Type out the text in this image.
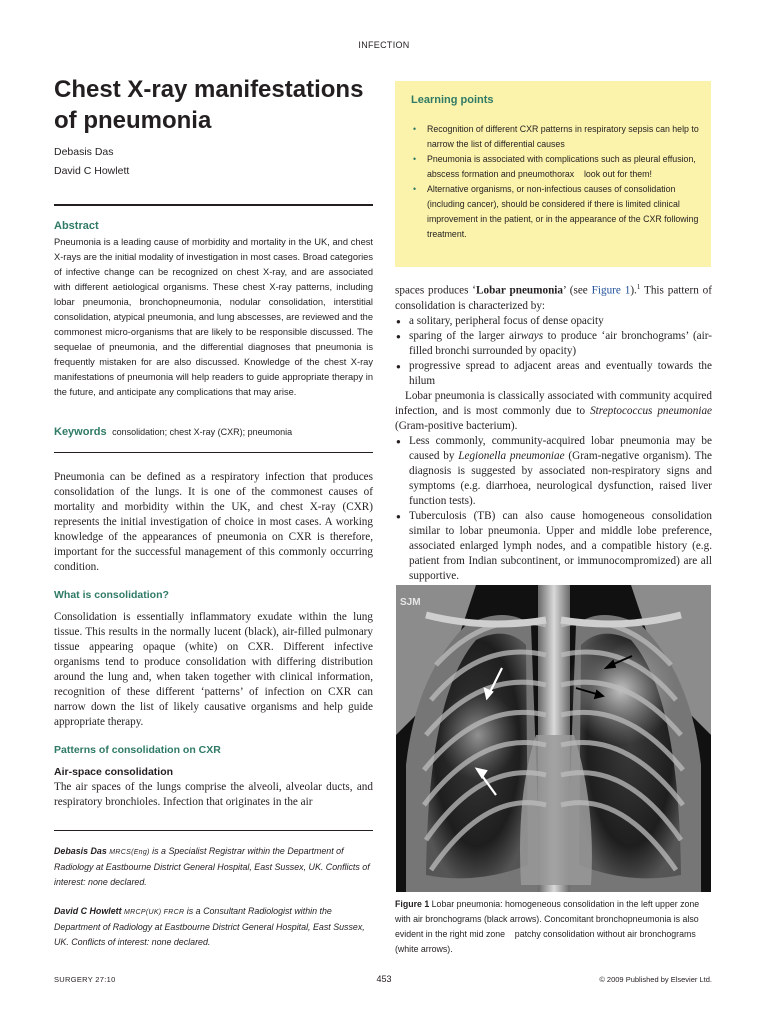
INFECTION
Chest X-ray manifestations of pneumonia
Debasis Das
David C Howlett
Abstract
Pneumonia is a leading cause of morbidity and mortality in the UK, and chest X-rays are the initial modality of investigation in most cases. Broad categories of infective change can be recognized on chest X-ray, and are associated with different aetiological organisms. These chest X-ray patterns, including lobar pneumonia, bronchopneumonia, nodular consolidation, interstitial consolidation, atypical pneumonia, and lung abscesses, are reviewed and the commonest micro-organisms that are likely to be responsible discussed. The sequelae of pneumonia, and the differential diagnoses that pneumonia is frequently mistaken for are also discussed. Knowledge of the chest X-ray manifestations of pneumonia will help readers to guide appropriate therapy in the future, and anticipate any complications that may arise.
Keywords consolidation; chest X-ray (CXR); pneumonia
Pneumonia can be defined as a respiratory infection that produces consolidation of the lungs. It is one of the commonest causes of mortality and morbidity within the UK, and chest X-ray (CXR) represents the initial investigation of choice in most cases. A working knowledge of the appearances of pneumonia on CXR is therefore, important for the successful management of this commonly occurring condition.
What is consolidation?
Consolidation is essentially inflammatory exudate within the lung tissue. This results in the normally lucent (black), air-filled pulmonary tissue appearing opaque (white) on CXR. Different infective organisms tend to produce consolidation with differing distribution around the lung and, when taken together with clinical information, recognition of these different ‘patterns’ of infection on CXR can narrow down the list of likely causative organisms and help guide appropriate therapy.
Patterns of consolidation on CXR
Air-space consolidation
The air spaces of the lungs comprise the alveoli, alveolar ducts, and respiratory bronchioles. Infection that originates in the air
Debasis Das MRCS(Eng) is a Specialist Registrar within the Department of Radiology at Eastbourne District General Hospital, East Sussex, UK. Conflicts of interest: none declared.
David C Howlett MRCP(UK) FRCR is a Consultant Radiologist within the Department of Radiology at Eastbourne District General Hospital, East Sussex, UK. Conflicts of interest: none declared.
Learning points
• Recognition of different CXR patterns in respiratory sepsis can help to narrow the list of differential causes
• Pneumonia is associated with complications such as pleural effusion, abscess formation and pneumothorax    look out for them!
• Alternative organisms, or non-infectious causes of consolidation (including cancer), should be considered if there is limited clinical improvement in the patient, or in the appearance of the CXR following treatment.
spaces produces ‘Lobar pneumonia’ (see Figure 1).$^1$ This pattern of consolidation is characterized by:
● a solitary, peripheral focus of dense opacity
● sparing of the larger airways to produce ‘air bronchograms’ (air-filled bronchi surrounded by opacity)
● progressive spread to adjacent areas and eventually towards the hilum
Lobar pneumonia is classically associated with community acquired infection, and is most commonly due to Streptococcus pneumoniae (Gram-positive bacterium).
● Less commonly, community-acquired lobar pneumonia may be caused by Legionella pneumoniae (Gram-negative organism). The diagnosis is suggested by associated non-respiratory signs and symptoms (e.g. diarrhoea, neurological dysfunction, raised liver function tests).
● Tuberculosis (TB) can also cause homogeneous consolidation similar to lobar pneumonia. Upper and middle lobe preference, associated enlarged lymph nodes, and a compatible history (e.g. patient from Indian subcontinent, or immunocompromized) are all supportive.
SJM
Figure 1 Lobar pneumonia: homogeneous consolidation in the left upper zone with air bronchograms (black arrows). Concomitant bronchopneumonia is also evident in the right mid zone    patchy consolidation without air bronchograms (white arrows).
SURGERY 27:10	453	© 2009 Published by Elsevier Ltd.
